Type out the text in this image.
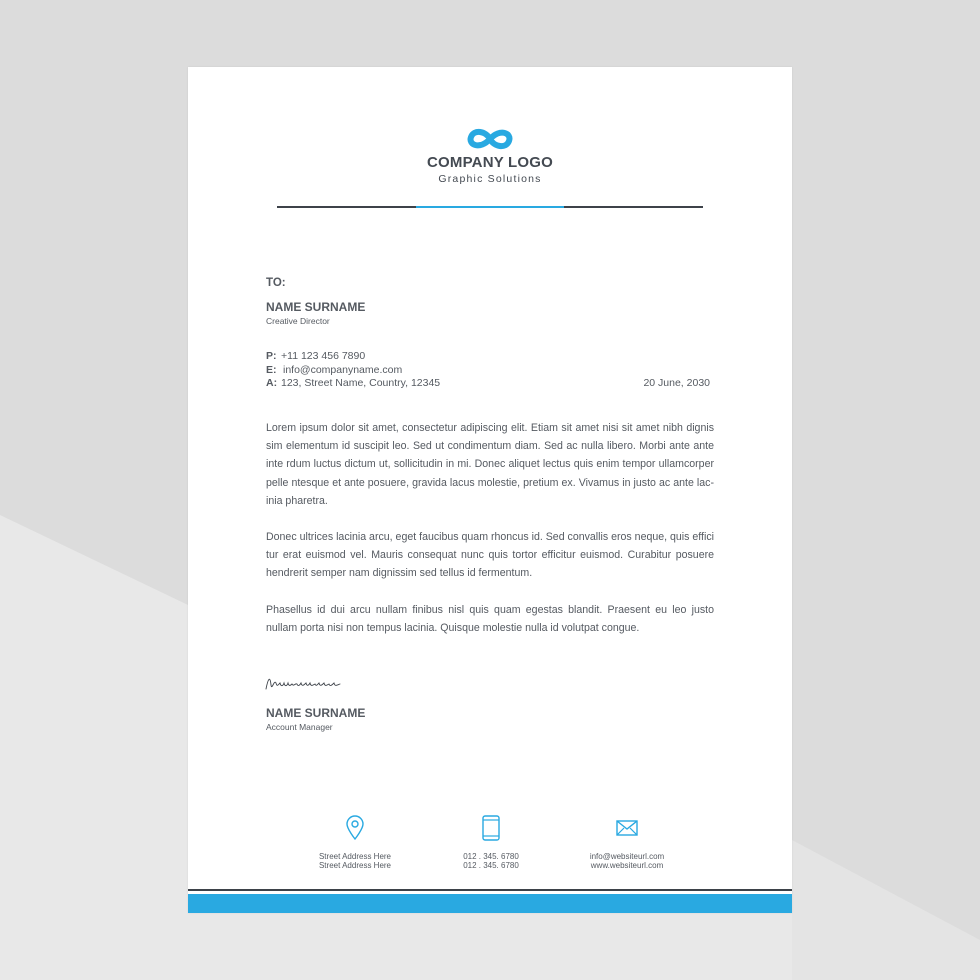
COMPANY LOGO
Graphic Solutions
TO:
NAME SURNAME
Creative Director
P: +11 123 456 7890
E: info@companyname.com
A: 123, Street Name, Country, 12345	20 June, 2030

Lorem ipsum dolor sit amet, consectetur adipiscing elit. Etiam sit amet nisi sit amet nibh dignis sim elementum id suscipit leo. Sed ut condimentum diam. Sed ac nulla libero. Morbi ante ante inte rdum luctus dictum ut, sollicitudin in mi. Donec aliquet lectus quis enim tempor ullamcorper pelle ntesque et ante posuere, gravida lacus molestie, pretium ex. Vivamus in justo ac ante lac-inia pharetra.

Donec ultrices lacinia arcu, eget faucibus quam rhoncus id. Sed convallis eros neque, quis effici tur erat euismod vel. Mauris consequat nunc quis tortor efficitur euismod. Curabitur posuere hendrerit semper nam dignissim sed tellus id fermentum.

Phasellus id dui arcu nullam finibus nisl quis quam egestas blandit. Praesent eu leo justo nullam porta nisi non tempus lacinia. Quisque molestie nulla id volutpat congue.

NAME SURNAME
Account Manager
Street Address Here
Street Address Here
012 . 345. 6780
012 . 345. 6780
info@websiteurl.com
www.websiteurl.com
